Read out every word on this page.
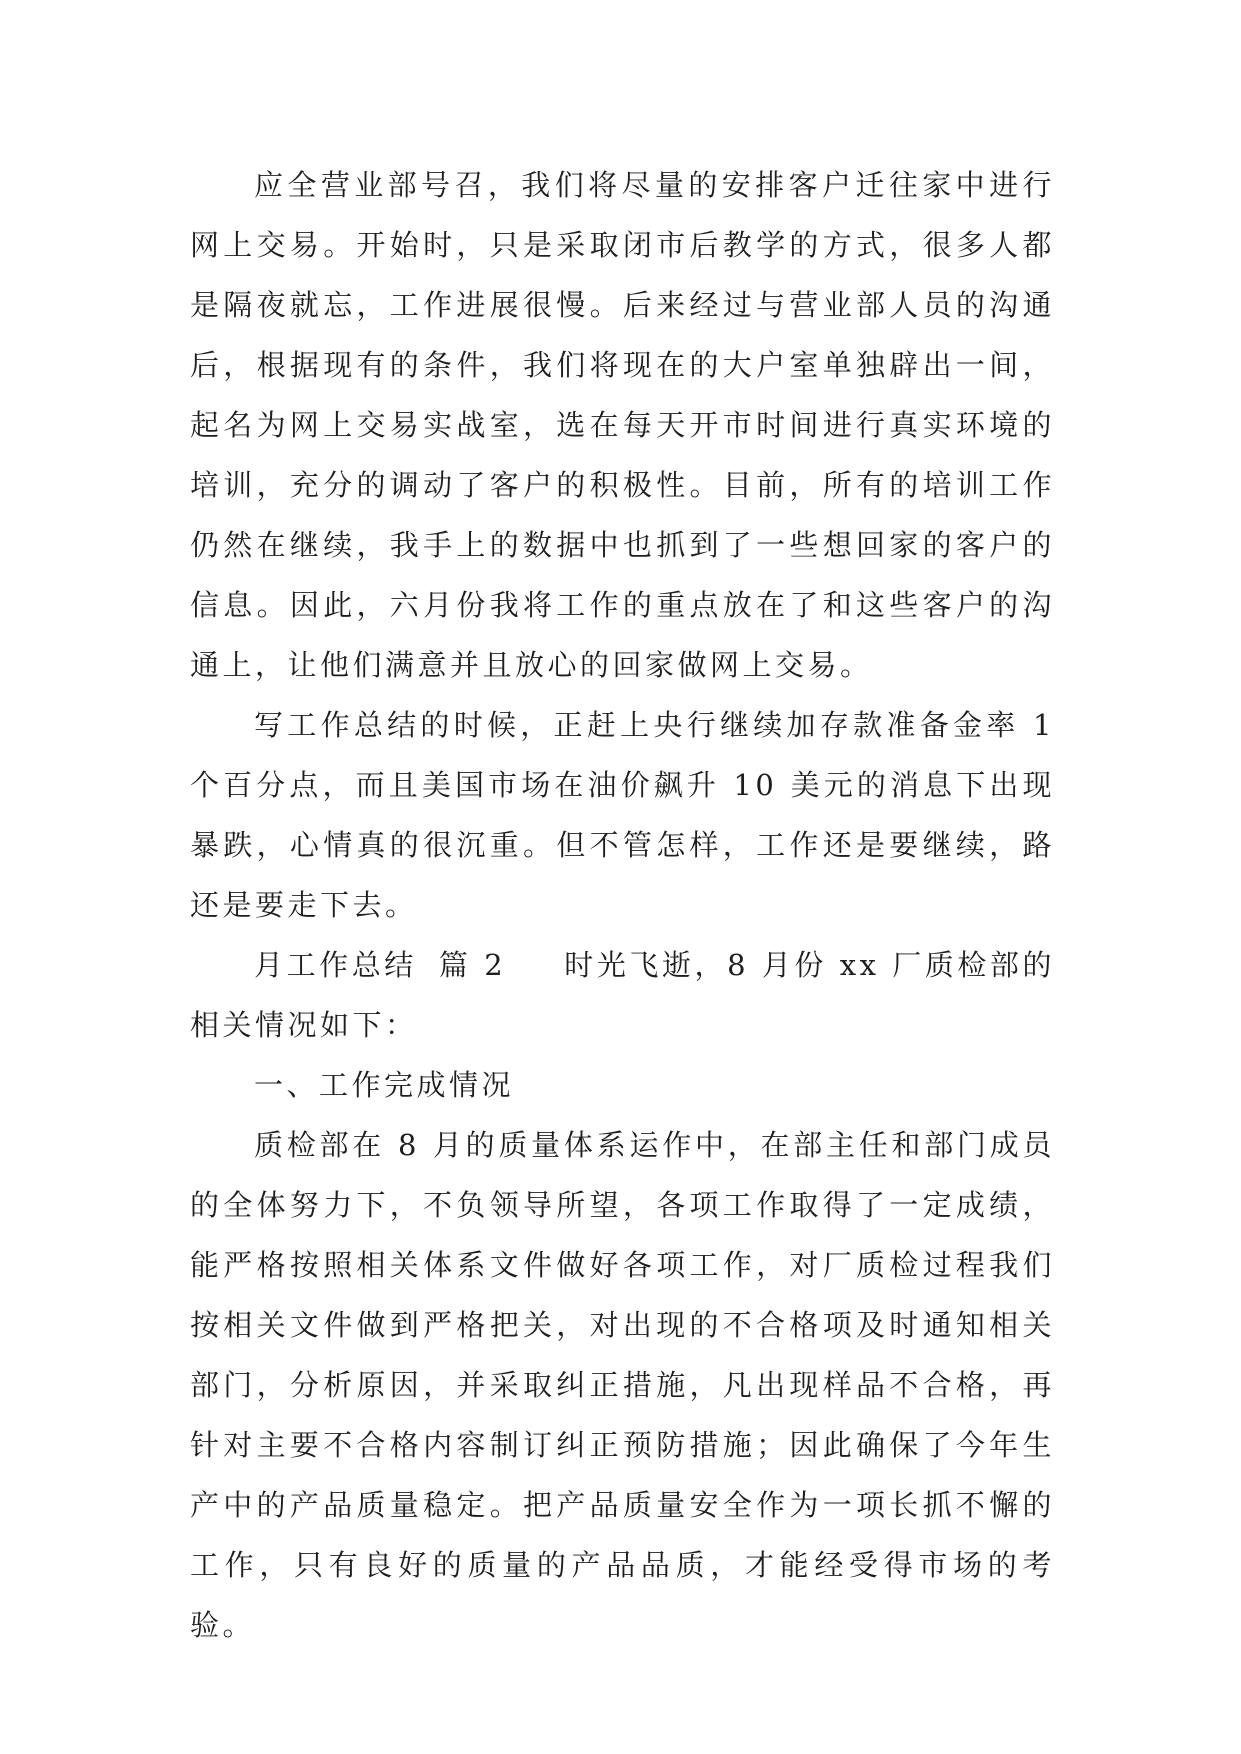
应全营业部号召，我们将尽量的安排客户迁往家中进行网上交易。开始时，只是采取闭市后教学的方式，很多人都是隔夜就忘，工作进展很慢。后来经过与营业部人员的沟通后，根据现有的条件，我们将现在的大户室单独辟出一间，起名为网上交易实战室，选在每天开市时间进行真实环境的培训，充分的调动了客户的积极性。目前，所有的培训工作仍然在继续，我手上的数据中也抓到了一些想回家的客户的信息。因此，六月份我将工作的重点放在了和这些客户的沟通上，让他们满意并且放心的回家做网上交易。

写工作总结的时候，正赶上央行继续加存款准备金率 1 个百分点，而且美国市场在油价飙升 10 美元的消息下出现暴跌，心情真的很沉重。但不管怎样，工作还是要继续，路还是要走下去。

月工作总结 篇 2 时光飞逝，8 月份 xx 厂质检部的相关情况如下：

一、工作完成情况

质检部在 8 月的质量体系运作中，在部主任和部门成员的全体努力下，不负领导所望，各项工作取得了一定成绩，能严格按照相关体系文件做好各项工作，对厂质检过程我们按相关文件做到严格把关，对出现的不合格项及时通知相关部门，分析原因，并采取纠正措施，凡出现样品不合格，再针对主要不合格内容制订纠正预防措施；因此确保了今年生产中的产品质量稳定。把产品质量安全作为一项长抓不懈的工作，只有良好的质量的产品品质，才能经受得市场的考验。
